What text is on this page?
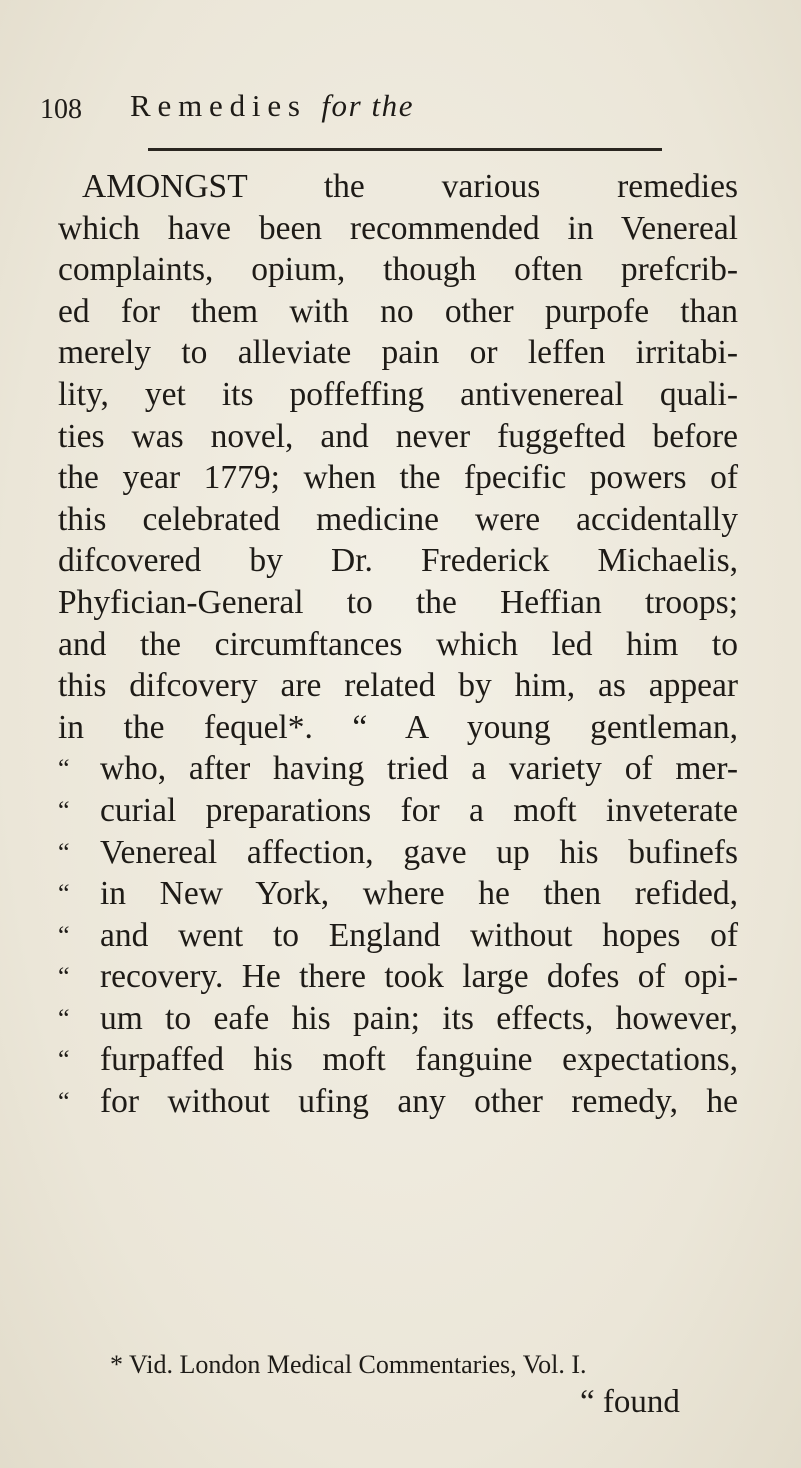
108 Remedies for the
AMONGST the various remedies
which have been recommended in Venereal
complaints, opium, though often prefcrib-
ed for them with no other purpofe than
merely to alleviate pain or leffen irritabi-
lity, yet its poffeffing antivenereal quali-
ties was novel, and never fuggefted before
the year 1779; when the fpecific powers of
this celebrated medicine were accidentally
difcovered by Dr. Frederick Michaelis,
Phyfician-General to the Heffian troops;
and the circumftances which led him to
this difcovery are related by him, as appear
in the fequel*. “ A young gentleman,
“ who, after having tried a variety of mer-
“ curial preparations for a moft inveterate
“ Venereal affection, gave up his bufinefs
“ in New York, where he then refided,
“ and went to England without hopes of
“ recovery. He there took large dofes of opi-
“ um to eafe his pain; its effects, however,
“ furpaffed his moft fanguine expectations,
“ for without ufing any other remedy, he
* Vid. London Medical Commentaries, Vol. I.
“ found
